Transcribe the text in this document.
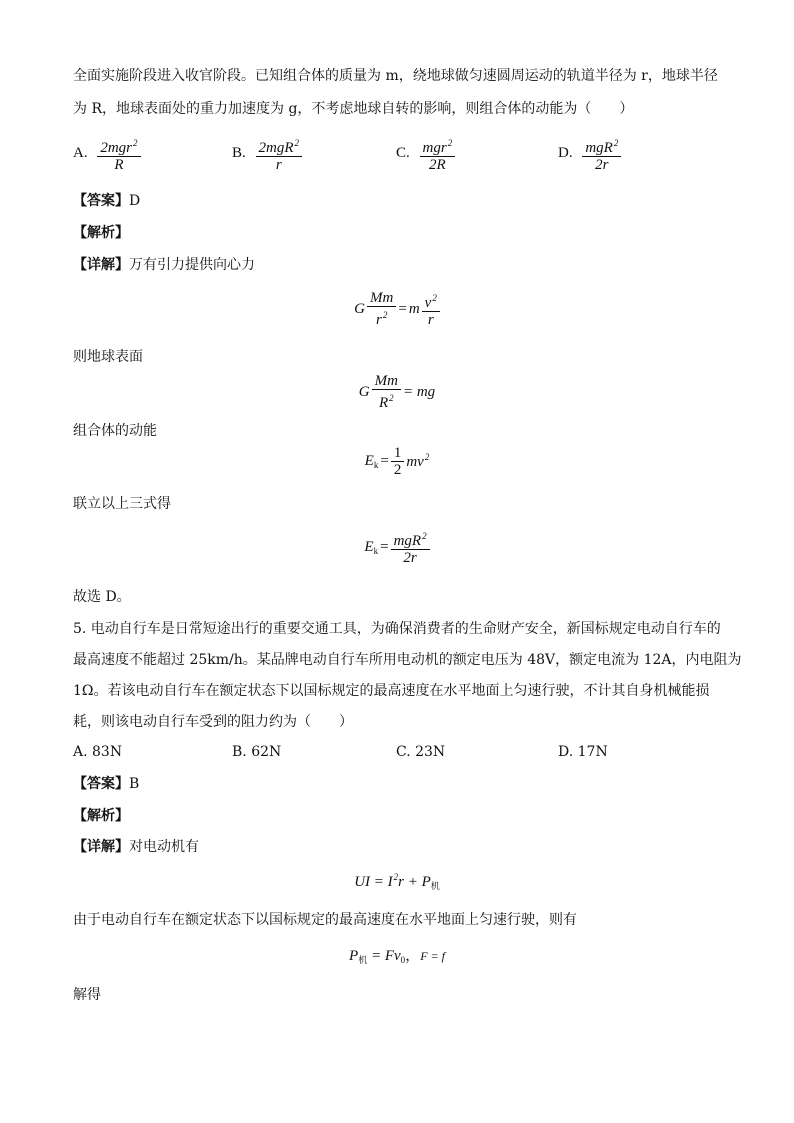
全面实施阶段进入收官阶段。已知组合体的质量为 m，绕地球做匀速圆周运动的轨道半径为 r，地球半径
为 R，地球表面处的重力加速度为 g，不考虑地球自转的影响，则组合体的动能为（　　）
A. $\frac{2mgr^2}{R}$	B. $\frac{2mgR^2}{r}$	C. $\frac{mgr^2}{2R}$	D. $\frac{mgR^2}{2r}$
【答案】D
【解析】
【详解】万有引力提供向心力
G $\frac{Mm}{r^2} = m \frac{v^2}{r}$
则地球表面
G $\frac{Mm}{R^2}$ = mg
组合体的动能
$E_k = \frac{1}{2} mv^2$
联立以上三式得
$E_k = \frac{mgR^2}{2r}$
故选 D。
5. 电动自行车是日常短途出行的重要交通工具，为确保消费者的生命财产安全，新国标规定电动自行车的
最高速度不能超过 25km/h。某品牌电动自行车所用电动机的额定电压为 48V，额定电流为 12A，内电阻为
1Ω。若该电动自行车在额定状态下以国标规定的最高速度在水平地面上匀速行驶，不计其自身机械能损
耗，则该电动自行车受到的阻力约为（　　）
A. 83N	B. 62N	C. 23N	D. 17N
【答案】B
【解析】
【详解】对电动机有
UI = $I^2r + P_机$
由于电动自行车在额定状态下以国标规定的最高速度在水平地面上匀速行驶，则有
$P_机 = Fv_0$，F = f
解得
